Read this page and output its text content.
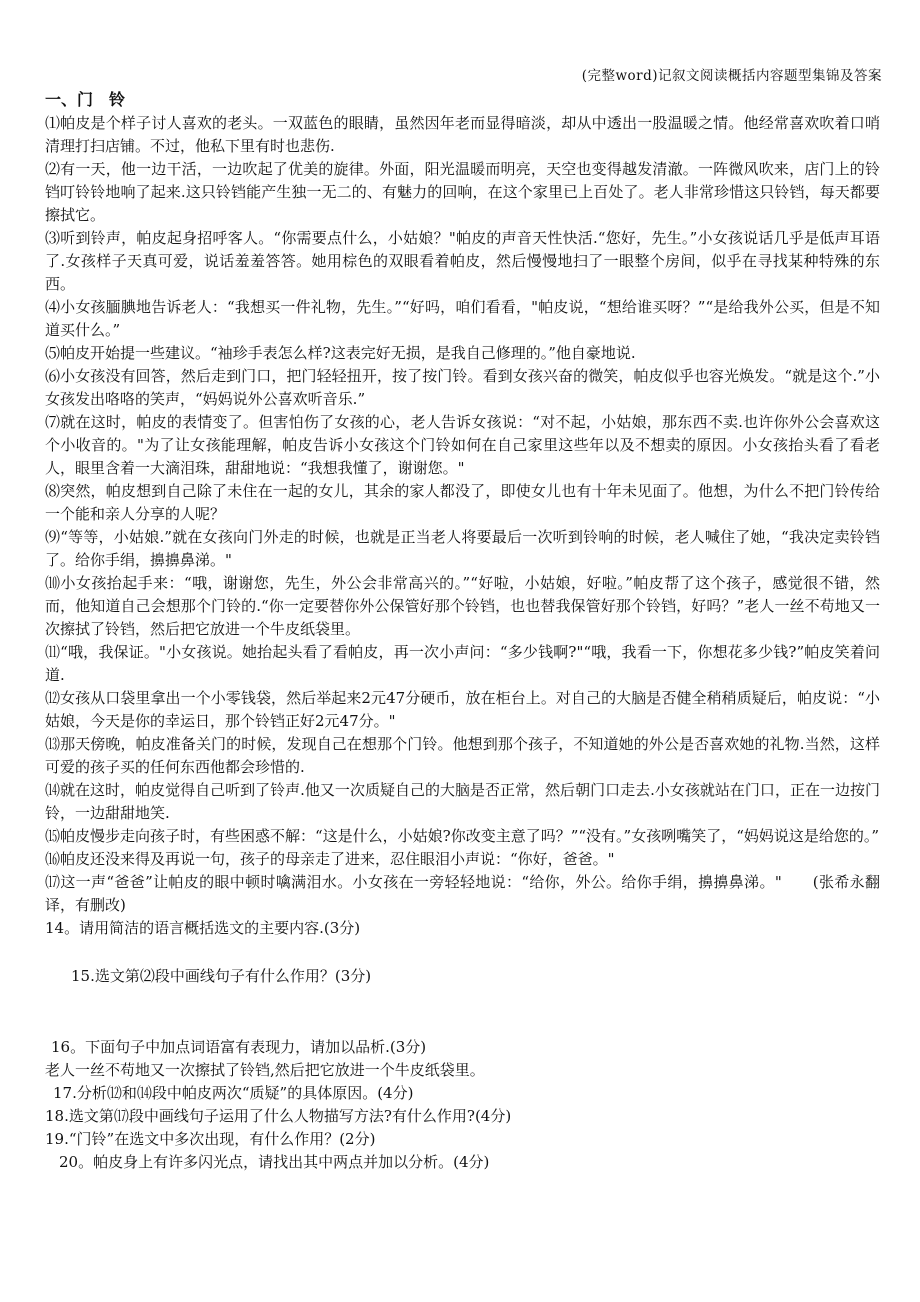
(完整word)记叙文阅读概括内容题型集锦及答案
一、门　铃

⑴帕皮是个样子讨人喜欢的老头。一双蓝色的眼睛，虽然因年老而显得暗淡，却从中透出一股温暖之情。他经常喜欢吹着口哨清理打扫店铺。不过，他私下里有时也悲伤.

⑵有一天，他一边干活，一边吹起了优美的旋律。外面，阳光温暖而明亮，天空也变得越发清澈。一阵微风吹来，店门上的铃铛叮铃铃地响了起来.这只铃铛能产生独一无二的、有魅力的回响，在这个家里已上百处了。老人非常珍惜这只铃铛，每天都要擦拭它。

⑶听到铃声，帕皮起身招呼客人。“你需要点什么，小姑娘？"帕皮的声音天性快活.“您好，先生。”小女孩说话几乎是低声耳语了.女孩样子天真可爱，说话羞羞答答。她用棕色的双眼看着帕皮，然后慢慢地扫了一眼整个房间，似乎在寻找某种特殊的东西。

⑷小女孩腼腆地告诉老人：“我想买一件礼物，先生。”“好吗，咱们看看，"帕皮说，“想给谁买呀？”“是给我外公买，但是不知道买什么。”

⑸帕皮开始提一些建议。“袖珍手表怎么样?这表完好无损，是我自己修理的。”他自豪地说.

⑹小女孩没有回答，然后走到门口，把门轻轻扭开，按了按门铃。看到女孩兴奋的微笑，帕皮似乎也容光焕发。“就是这个.”小女孩发出咯咯的笑声，“妈妈说外公喜欢听音乐.”

⑺就在这时，帕皮的表情变了。但害怕伤了女孩的心，老人告诉女孩说：“对不起，小姑娘，那东西不卖.也许你外公会喜欢这个小收音的。"为了让女孩能理解，帕皮告诉小女孩这个门铃如何在自己家里这些年以及不想卖的原因。小女孩抬头看了看老人，眼里含着一大滴泪珠，甜甜地说：“我想我懂了，谢谢您。"

⑻突然，帕皮想到自己除了未住在一起的女儿，其余的家人都没了，即使女儿也有十年未见面了。他想，为什么不把门铃传给一个能和亲人分享的人呢？

⑼“等等，小姑娘.”就在女孩向门外走的时候，也就是正当老人将要最后一次听到铃响的时候，老人喊住了她，“我决定卖铃铛了。给你手绢，擤擤鼻涕。"

⑽小女孩抬起手来：“哦，谢谢您，先生，外公会非常高兴的。”“好啦，小姑娘，好啦。”帕皮帮了这个孩子，感觉很不错，然而，他知道自己会想那个门铃的.“你一定要替你外公保管好那个铃铛，也也替我保管好那个铃铛，好吗？”老人一丝不苟地又一次擦拭了铃铛，然后把它放进一个牛皮纸袋里。

⑾“哦，我保证。"小女孩说。她抬起头看了看帕皮，再一次小声问：“多少钱啊?"“哦，我看一下，你想花多少钱?”帕皮笑着问道.

⑿女孩从口袋里拿出一个小零钱袋，然后举起来2元47分硬币，放在柜台上。对自己的大脑是否健全稍稍质疑后，帕皮说：“小姑娘，今天是你的幸运日，那个铃铛正好2元47分。"

⒀那天傍晚，帕皮准备关门的时候，发现自己在想那个门铃。他想到那个孩子，不知道她的外公是否喜欢她的礼物.当然，这样可爱的孩子买的任何东西他都会珍惜的.

⒁就在这时，帕皮觉得自己听到了铃声.他又一次质疑自己的大脑是否正常，然后朝门口走去.小女孩就站在门口，正在一边按门铃，一边甜甜地笑.

⒂帕皮慢步走向孩子时，有些困惑不解：“这是什么，小姑娘?你改变主意了吗？”“没有。”女孩咧嘴笑了，“妈妈说这是给您的。”

⒃帕皮还没来得及再说一句，孩子的母亲走了进来，忍住眼泪小声说：“你好，爸爸。"

⒄这一声“爸爸”让帕皮的眼中顿时噙满泪水。小女孩在一旁轻轻地说：“给你，外公。给你手绢，擤擤鼻涕。"　　(张希永翻译，有删改)

14。请用简洁的语言概括选文的主要内容.(3分)

15.选文第⑵段中画线句子有什么作用？(3分)

16。下面句子中加点词语富有表现力，请加以品析.(3分)

老人一丝不苟地又一次擦拭了铃铛,然后把它放进一个牛皮纸袋里。

17.分析⑿和⒁段中帕皮两次“质疑”的具体原因。(4分)

18.选文第⒄段中画线句子运用了什么人物描写方法?有什么作用?(4分)

19.“门铃”在选文中多次出现，有什么作用？(2分)

20。帕皮身上有许多闪光点，请找出其中两点并加以分析。(4分)
